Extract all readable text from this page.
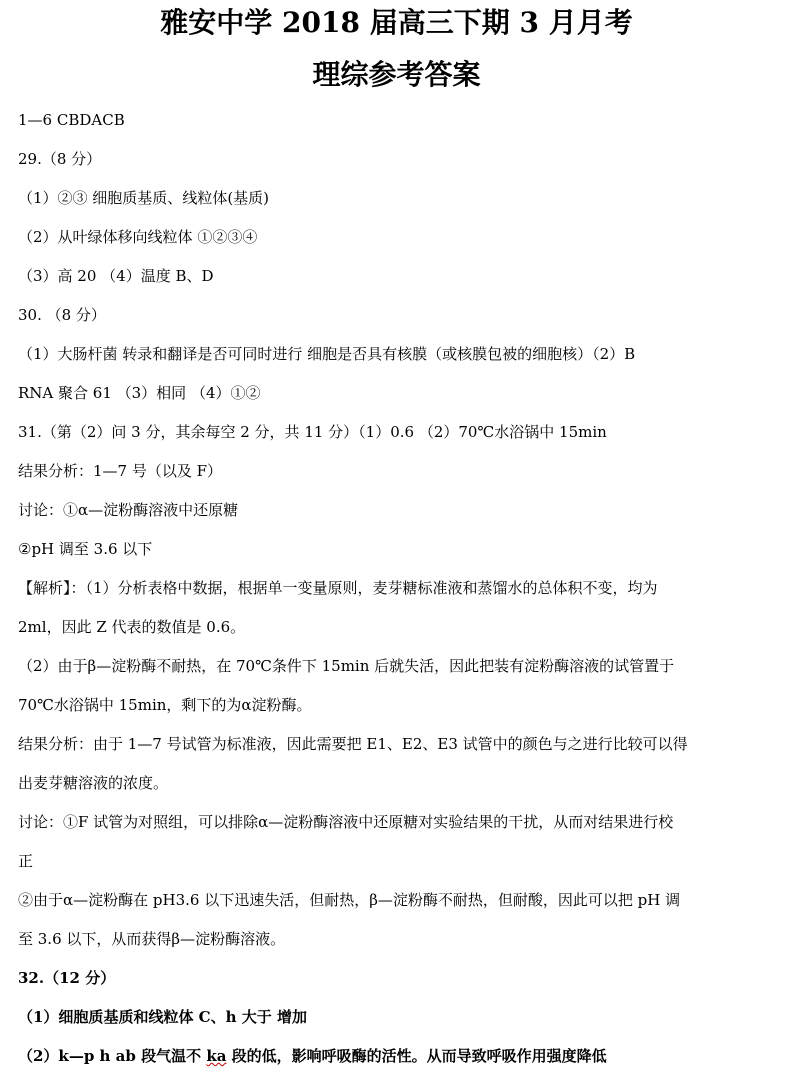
雅安中学 2018 届高三下期 3 月月考
理综参考答案
1—6 CBDACB
29.（8 分）
（1）②③ 细胞质基质、线粒体(基质)
（2）从叶绿体移向线粒体 ①②③④
（3）高 20 （4）温度 B、D
30. （8 分）
（1）大肠杆菌 转录和翻译是否可同时进行 细胞是否具有核膜（或核膜包被的细胞核）（2）B
RNA 聚合 61 （3）相同 （4）①②
31.（第（2）问 3 分，其余每空 2 分，共 11 分）（1）0.6 （2）70℃水浴锅中 15min
结果分析：1—7 号（以及 F）
讨论：①α—淀粉酶溶液中还原糖
②pH 调至 3.6 以下
【解析】：（1）分析表格中数据，根据单一变量原则，麦芽糖标准液和蒸馏水的总体积不变，均为
2ml，因此 Z 代表的数值是 0.6。
（2）由于β—淀粉酶不耐热，在 70℃条件下 15min 后就失活，因此把装有淀粉酶溶液的试管置于
70℃水浴锅中 15min，剩下的为α淀粉酶。
结果分析：由于 1—7 号试管为标准液，因此需要把 E1、E2、E3 试管中的颜色与之进行比较可以得
出麦芽糖溶液的浓度。
讨论：①F 试管为对照组，可以排除α—淀粉酶溶液中还原糖对实验结果的干扰，从而对结果进行校
正
②由于α—淀粉酶在 pH3.6 以下迅速失活，但耐热，β—淀粉酶不耐热，但耐酸，因此可以把 pH 调
至 3.6 以下，从而获得β—淀粉酶溶液。
32.（12 分）
（1）细胞质基质和线粒体 C、h 大于 增加
（2）k—p h ab 段气温不 ka 段的低，影响呼吸酶的活性。从而导致呼吸作用强度降低
